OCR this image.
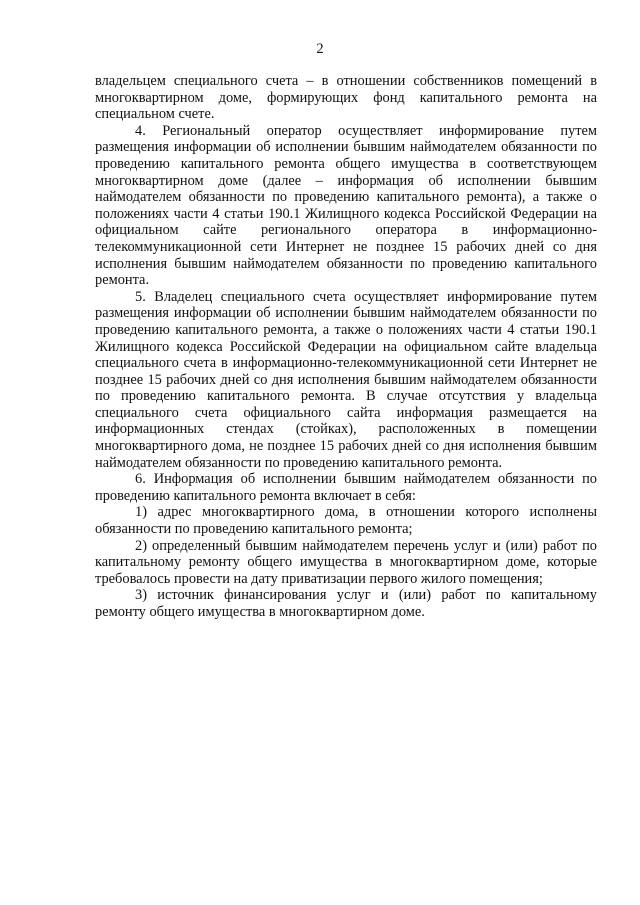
2

владельцем специального счета – в отношении собственников помещений в многоквартирном доме, формирующих фонд капитального ремонта на специальном счете.

4. Региональный оператор осуществляет информирование путем размещения информации об исполнении бывшим наймодателем обязанности по проведению капитального ремонта общего имущества в соответствующем многоквартирном доме (далее – информация об исполнении бывшим наймодателем обязанности по проведению капитального ремонта), а также о положениях части 4 статьи 190.1 Жилищного кодекса Российской Федерации на официальном сайте регионального оператора в информационно-телекоммуникационной сети Интернет не позднее 15 рабочих дней со дня исполнения бывшим наймодателем обязанности по проведению капитального ремонта.

5. Владелец специального счета осуществляет информирование путем размещения информации об исполнении бывшим наймодателем обязанности по проведению капитального ремонта, а также о положениях части 4 статьи 190.1 Жилищного кодекса Российской Федерации на официальном сайте владельца специального счета в информационно-телекоммуникационной сети Интернет не позднее 15 рабочих дней со дня исполнения бывшим наймодателем обязанности по проведению капитального ремонта. В случае отсутствия у владельца специального счета официального сайта информация размещается на информационных стендах (стойках), расположенных в помещении многоквартирного дома, не позднее 15 рабочих дней со дня исполнения бывшим наймодателем обязанности по проведению капитального ремонта.

6. Информация об исполнении бывшим наймодателем обязанности по проведению капитального ремонта включает в себя:

1) адрес многоквартирного дома, в отношении которого исполнены обязанности по проведению капитального ремонта;

2) определенный бывшим наймодателем перечень услуг и (или) работ по капитальному ремонту общего имущества в многоквартирном доме, которые требовалось провести на дату приватизации первого жилого помещения;

3) источник финансирования услуг и (или) работ по капитальному ремонту общего имущества в многоквартирном доме.
